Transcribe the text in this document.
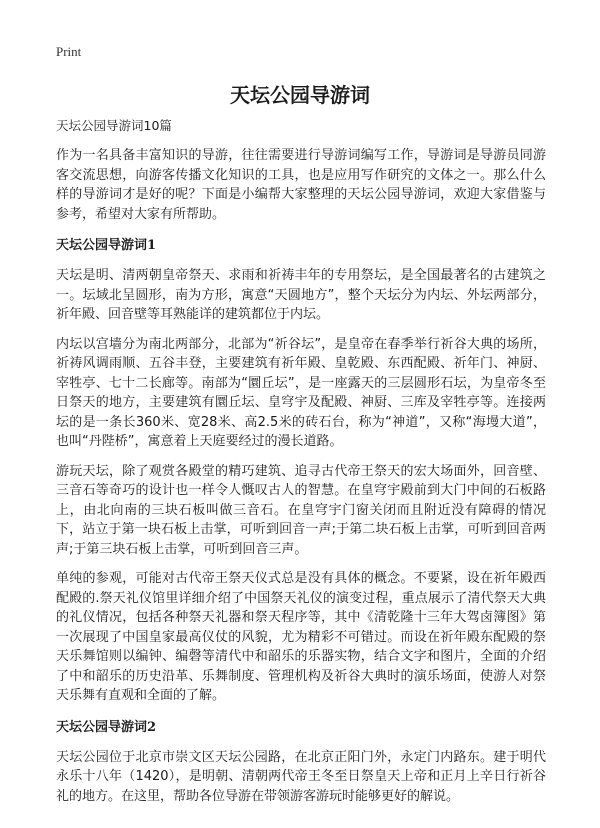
Print
天坛公园导游词

天坛公园导游词10篇

作为一名具备丰富知识的导游，往往需要进行导游词编写工作，导游词是导游员同游客交流思想，向游客传播文化知识的工具，也是应用写作研究的文体之一。那么什么样的导游词才是好的呢？下面是小编帮大家整理的天坛公园导游词，欢迎大家借鉴与参考，希望对大家有所帮助。

天坛公园导游词1

天坛是明、清两朝皇帝祭天、求雨和祈祷丰年的专用祭坛，是全国最著名的古建筑之一。坛域北呈圆形，南为方形，寓意“天圆地方”，整个天坛分为内坛、外坛两部分，祈年殿、回音壁等耳熟能详的建筑都位于内坛。

内坛以宫墙分为南北两部分，北部为“祈谷坛”，是皇帝在春季举行祈谷大典的场所，祈祷风调雨顺、五谷丰登，主要建筑有祈年殿、皇乾殿、东西配殿、祈年门、神厨、宰牲亭、七十二长廊等。南部为“圜丘坛”，是一座露天的三层圆形石坛，为皇帝冬至日祭天的地方，主要建筑有圜丘坛、皇穹宇及配殿、神厨、三库及宰牲亭等。连接两坛的是一条长360米、宽28米、高2.5米的砖石台，称为“神道”，又称“海墁大道”，也叫“丹陛桥”，寓意着上天庭要经过的漫长道路。

游玩天坛，除了观赏各殿堂的精巧建筑、追寻古代帝王祭天的宏大场面外，回音壁、三音石等奇巧的设计也一样令人慨叹古人的智慧。在皇穹宇殿前到大门中间的石板路上，由北向南的三块石板叫做三音石。在皇穹宇门窗关闭而且附近没有障碍的情况下，站立于第一块石板上击掌，可听到回音一声;于第二块石板上击掌，可听到回音两声;于第三块石板上击掌，可听到回音三声。

单纯的参观，可能对古代帝王祭天仪式总是没有具体的概念。不要紧，设在祈年殿西配殿的.祭天礼仪馆里详细介绍了中国祭天礼仪的演变过程，重点展示了清代祭天大典的礼仪情况，包括各种祭天礼器和祭天程序等，其中《清乾隆十三年大驾卤簿图》第一次展现了中国皇家最高仪仗的风貌，尤为精彩不可错过。而设在祈年殿东配殿的祭天乐舞馆则以编钟、编磬等清代中和韶乐的乐器实物，结合文字和图片，全面的介绍了中和韶乐的历史沿革、乐舞制度、管理机构及祈谷大典时的演乐场面，使游人对祭天乐舞有直观和全面的了解。

天坛公园导游词2

天坛公园位于北京市崇文区天坛公园路，在北京正阳门外，永定门内路东。建于明代永乐十八年（1420），是明朝、清朝两代帝王冬至日祭皇天上帝和正月上辛日行祈谷礼的地方。在这里，帮助各位导游在带领游客游玩时能够更好的解说。
